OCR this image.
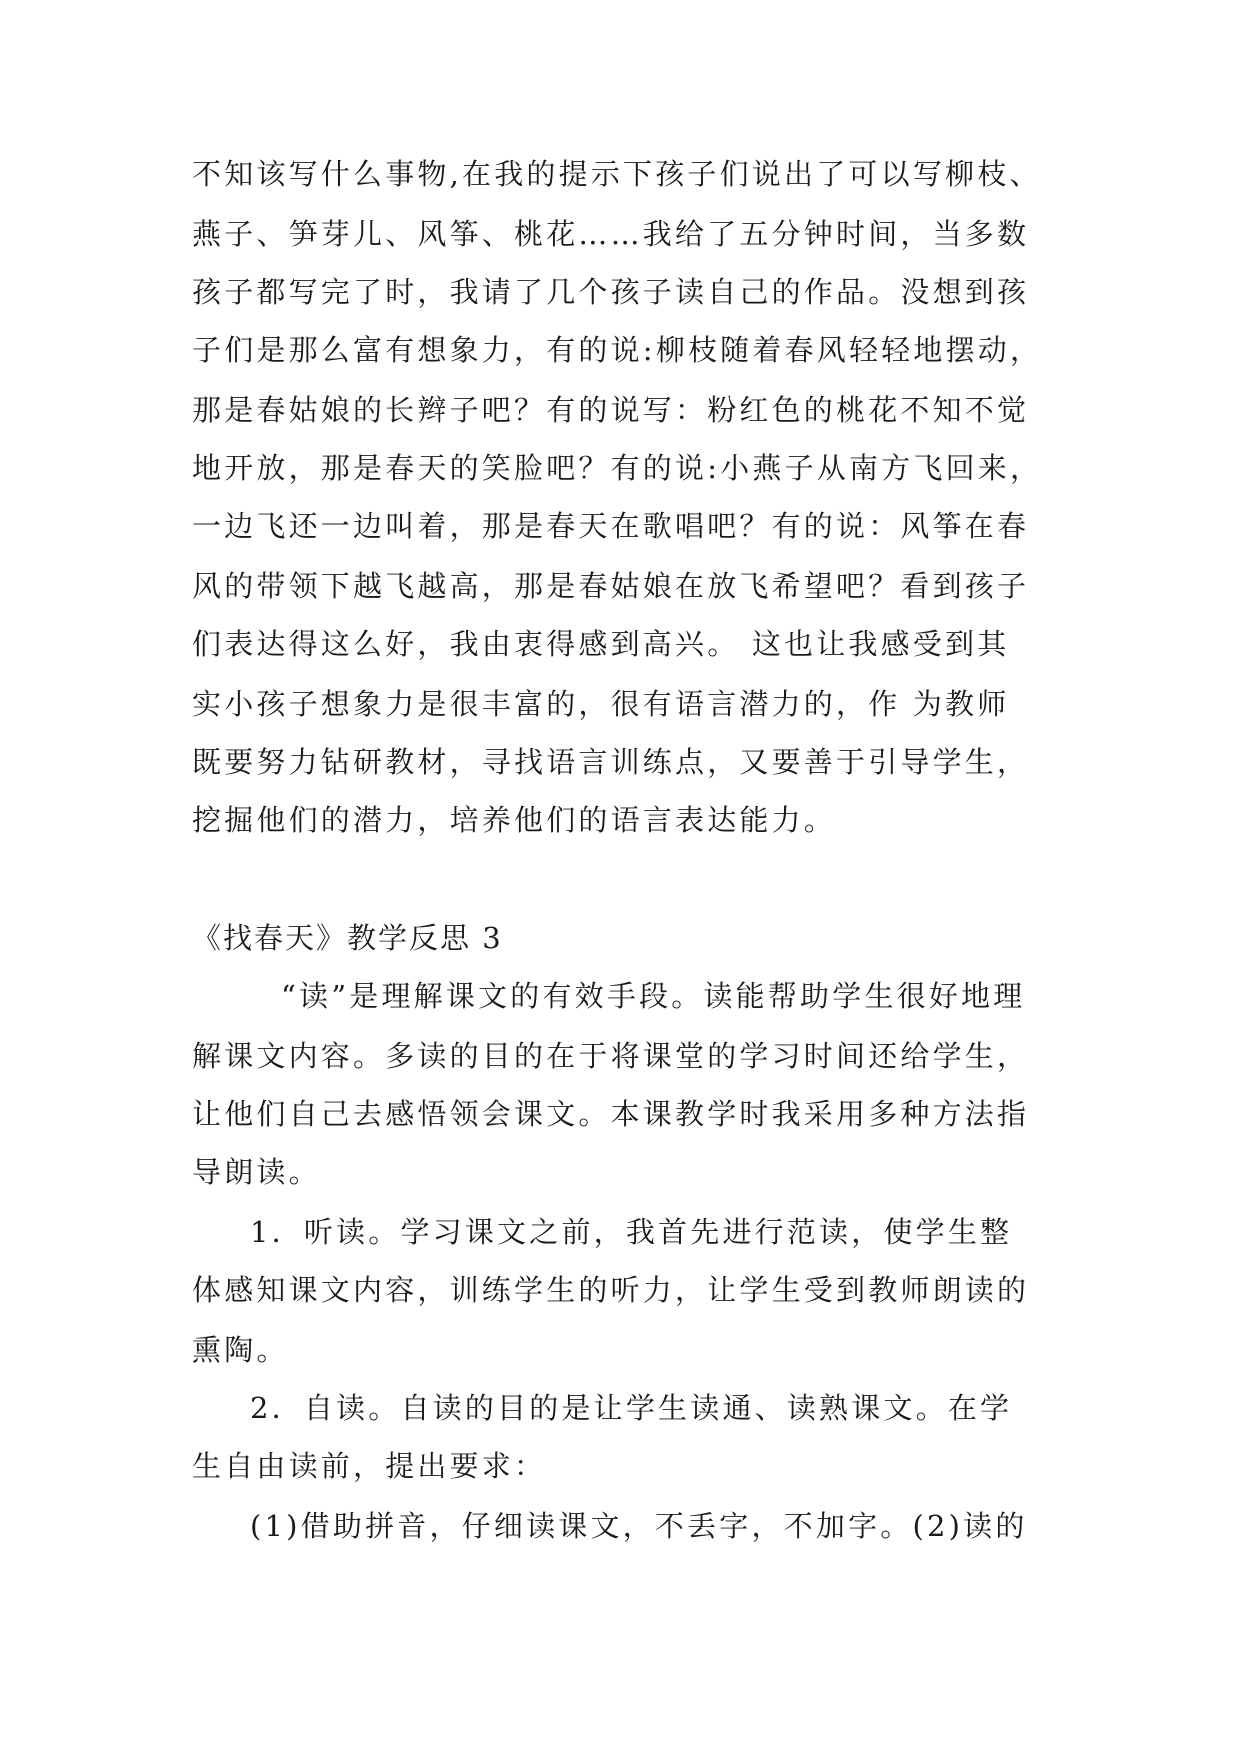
不知该写什么事物,在我的提示下孩子们说出了可以写柳枝、
燕子、笋芽儿、风筝、桃花……我给了五分钟时间，当多数
孩子都写完了时，我请了几个孩子读自己的作品。没想到孩
子们是那么富有想象力，有的说:柳枝随着春风轻轻地摆动，
那是春姑娘的长辫子吧？有的说写：粉红色的桃花不知不觉
地开放，那是春天的笑脸吧？有的说:小燕子从南方飞回来，
一边飞还一边叫着，那是春天在歌唱吧？有的说：风筝在春
风的带领下越飞越高，那是春姑娘在放飞希望吧？看到孩子
们表达得这么好，我由衷得感到高兴。 这也让我感受到其
实小孩子想象力是很丰富的，很有语言潜力的，作 为教师
既要努力钻研教材，寻找语言训练点，又要善于引导学生，
挖掘他们的潜力，培养他们的语言表达能力。
《找春天》教学反思 3
“读”是理解课文的有效手段。读能帮助学生很好地理
解课文内容。多读的目的在于将课堂的学习时间还给学生，
让他们自己去感悟领会课文。本课教学时我采用多种方法指
导朗读。
1．听读。学习课文之前，我首先进行范读，使学生整
体感知课文内容，训练学生的听力，让学生受到教师朗读的
熏陶。
2．自读。自读的目的是让学生读通、读熟课文。在学
生自由读前，提出要求：
(1)借助拼音，仔细读课文，不丢字，不加字。(2)读的
